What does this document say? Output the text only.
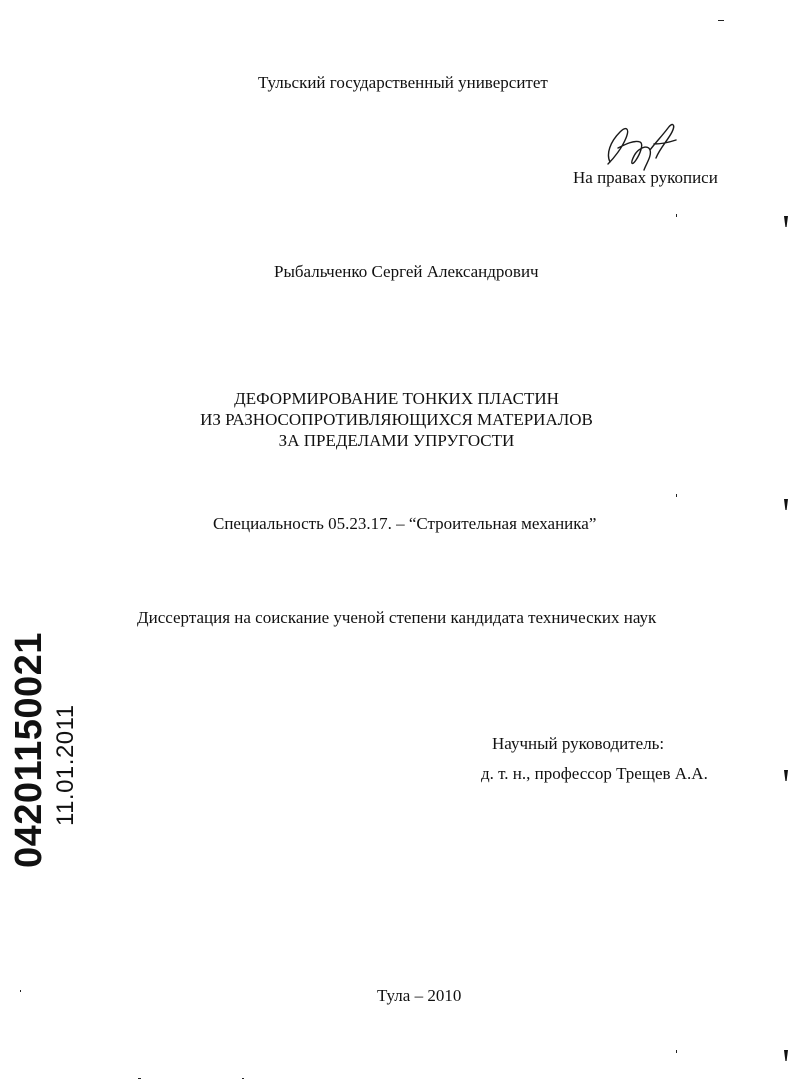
Тульский государственный университет
На правах рукописи
Рыбальченко Сергей Александрович
ДЕФОРМИРОВАНИЕ ТОНКИХ ПЛАСТИН
ИЗ РАЗНОСОПРОТИВЛЯЮЩИХСЯ МАТЕРИАЛОВ
ЗА ПРЕДЕЛАМИ УПРУГОСТИ
Специальность 05.23.17. – “Строительная механика”
Диссертация на соискание ученой степени кандидата технических наук
Научный руководитель:
д. т. н., профессор Трещев А.А.
Тула – 2010
04201150021 11.01.2011
